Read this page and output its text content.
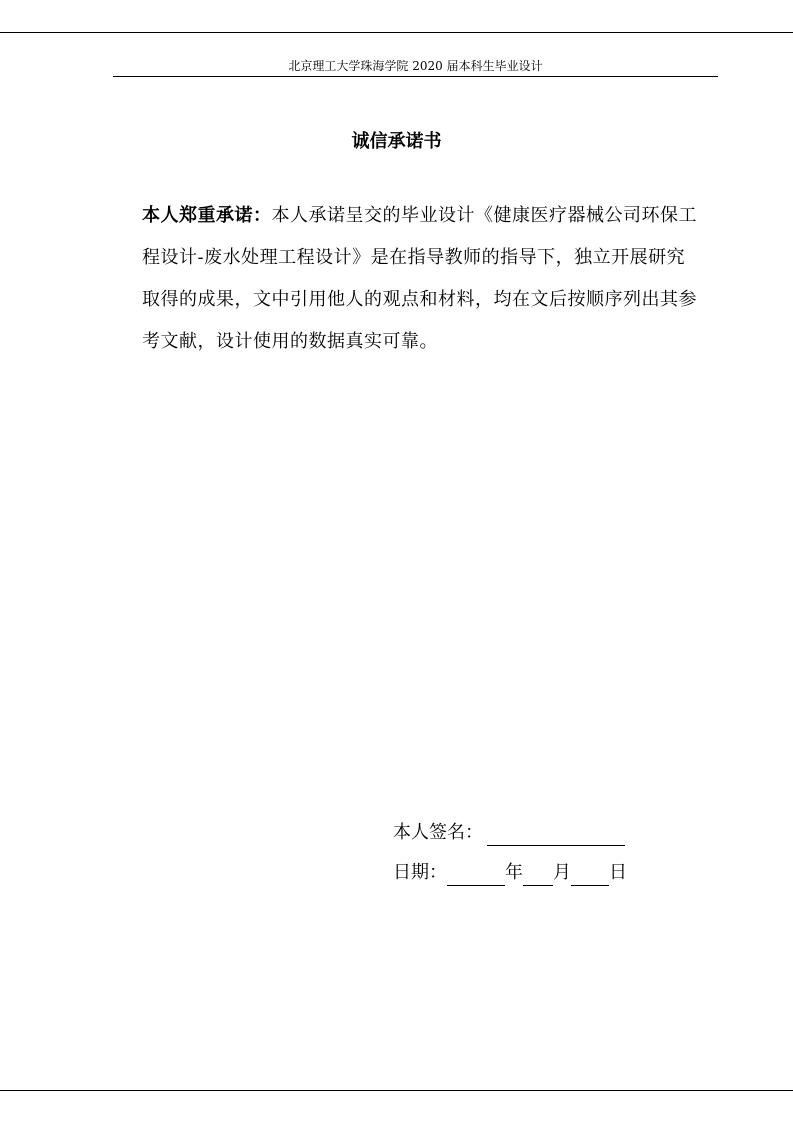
北京理工大学珠海学院 2020 届本科生毕业设计
诚信承诺书

本人郑重承诺：本人承诺呈交的毕业设计《健康医疗器械公司环保工程设计-废水处理工程设计》是在指导教师的指导下，独立开展研究取得的成果，文中引用他人的观点和材料，均在文后按顺序列出其参考文献，设计使用的数据真实可靠。

本人签名：
日期：	年 月 日
